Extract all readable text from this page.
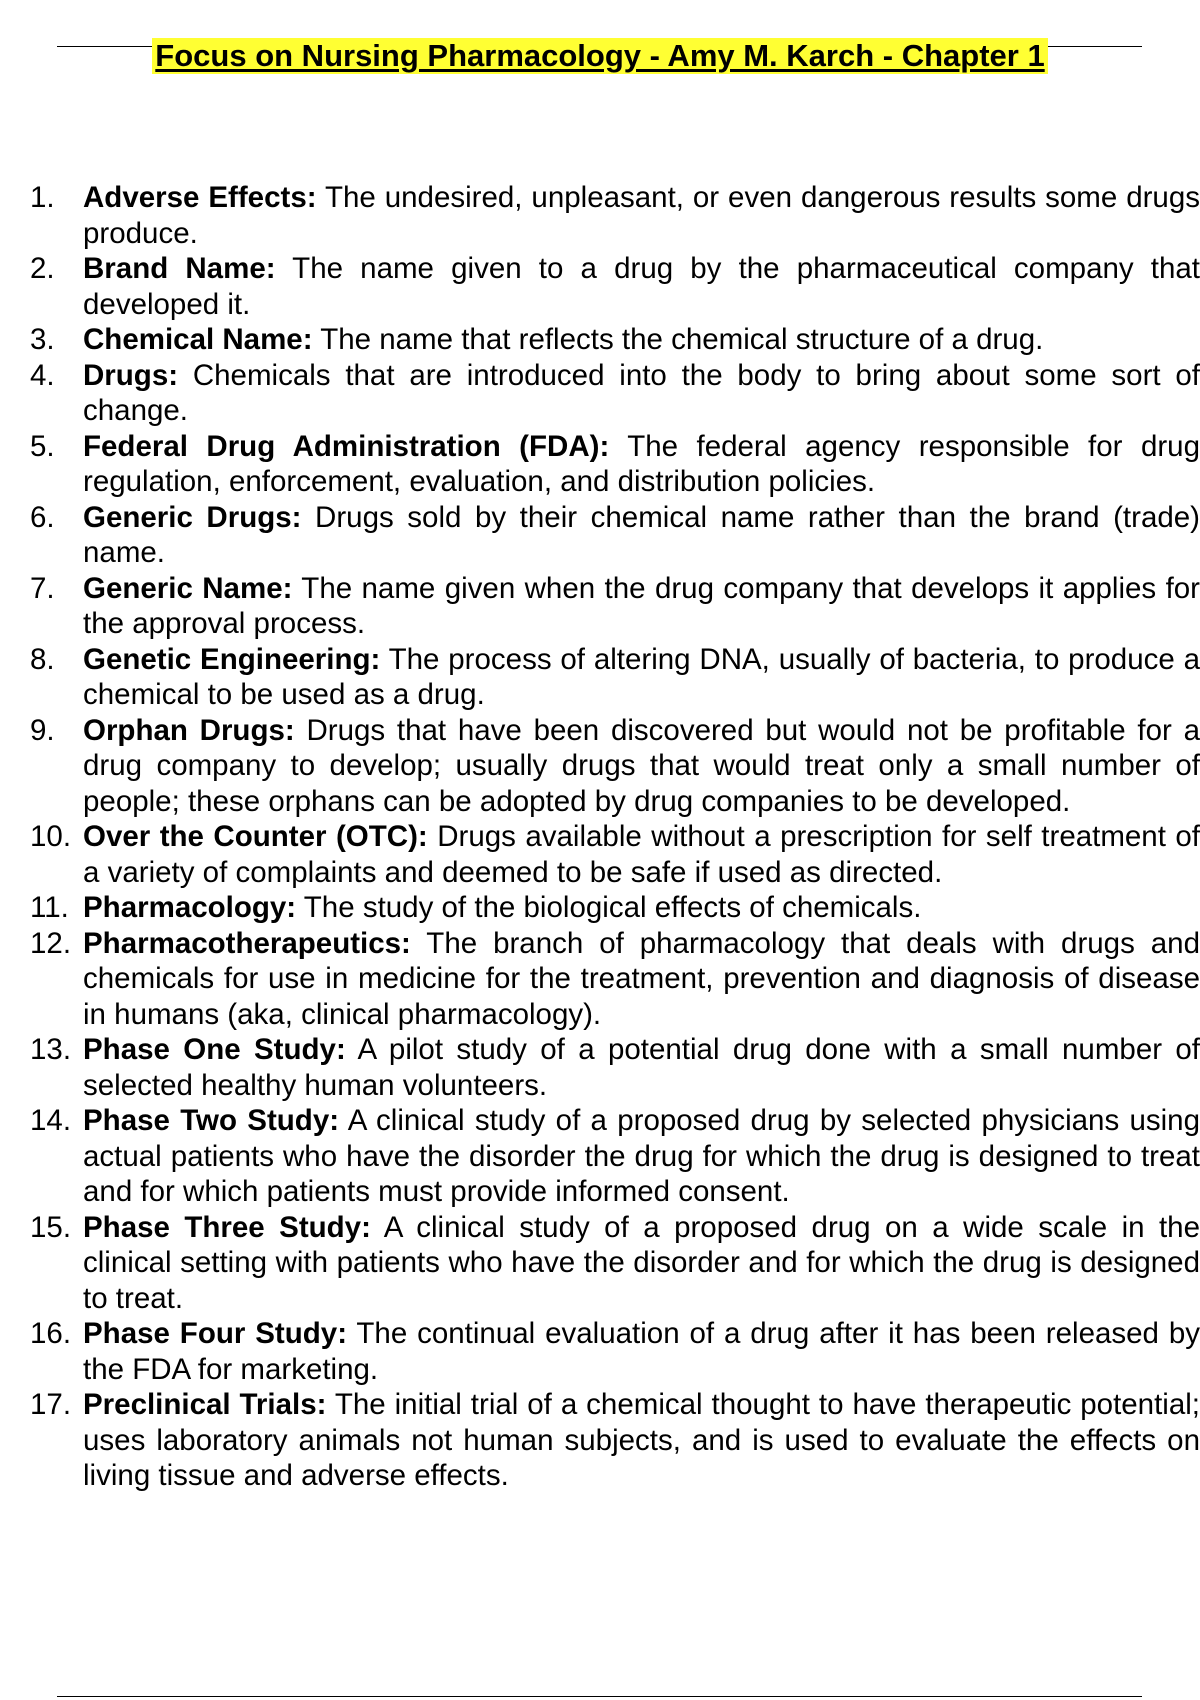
Focus on Nursing Pharmacology - Amy M. Karch - Chapter 1
1. Adverse Effects: The undesired, unpleasant, or even dangerous results some drugs produce.
2. Brand Name: The name given to a drug by the pharmaceutical company that developed it.
3. Chemical Name: The name that reflects the chemical structure of a drug.
4. Drugs: Chemicals that are introduced into the body to bring about some sort of change.
5. Federal Drug Administration (FDA): The federal agency responsible for drug regulation, enforcement, evaluation, and distribution policies.
6. Generic Drugs: Drugs sold by their chemical name rather than the brand (trade) name.
7. Generic Name: The name given when the drug company that develops it applies for the approval process.
8. Genetic Engineering: The process of altering DNA, usually of bacteria, to produce a chemical to be used as a drug.
9. Orphan Drugs: Drugs that have been discovered but would not be profitable for a drug company to develop; usually drugs that would treat only a small number of people; these orphans can be adopted by drug companies to be developed.
10. Over the Counter (OTC): Drugs available without a prescription for self treatment of a variety of complaints and deemed to be safe if used as directed.
11. Pharmacology: The study of the biological effects of chemicals.
12. Pharmacotherapeutics: The branch of pharmacology that deals with drugs and chemicals for use in medicine for the treatment, prevention and diagnosis of disease in humans (aka, clinical pharmacology).
13. Phase One Study: A pilot study of a potential drug done with a small number of selected healthy human volunteers.
14. Phase Two Study: A clinical study of a proposed drug by selected physicians using actual patients who have the disorder the drug for which the drug is designed to treat and for which patients must provide informed consent.
15. Phase Three Study: A clinical study of a proposed drug on a wide scale in the clinical setting with patients who have the disorder and for which the drug is designed to treat.
16. Phase Four Study: The continual evaluation of a drug after it has been released by the FDA for marketing.
17. Preclinical Trials: The initial trial of a chemical thought to have therapeutic potential; uses laboratory animals not human subjects, and is used to evaluate the effects on living tissue and adverse effects.
